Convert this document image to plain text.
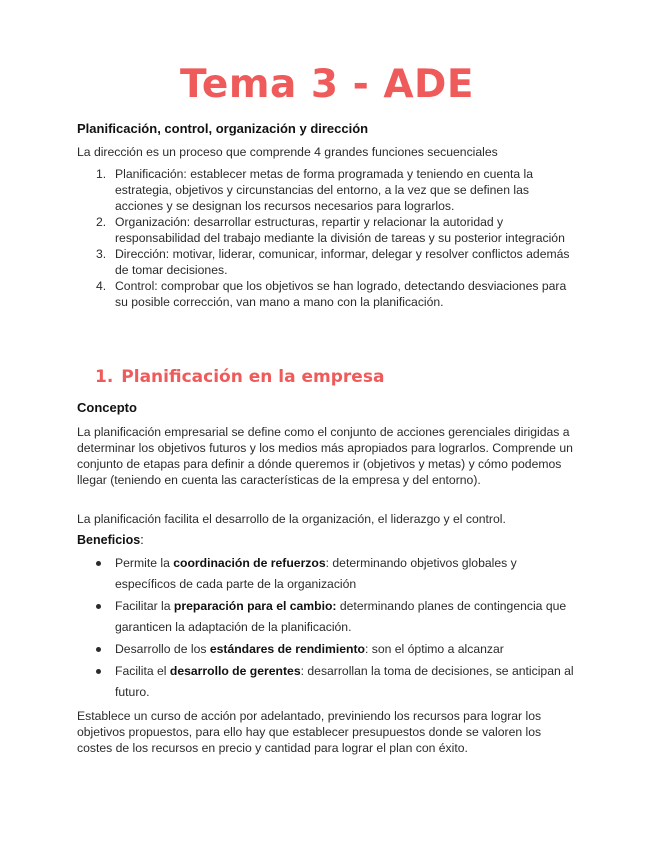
Tema 3 - ADE
Planificación, control, organización y dirección
La dirección es un proceso que comprende 4 grandes funciones secuenciales
1. Planificación: establecer metas de forma programada y teniendo en cuenta la estrategia, objetivos y circunstancias del entorno, a la vez que se definen las acciones y se designan los recursos necesarios para lograrlos.
2. Organización: desarrollar estructuras, repartir y relacionar la autoridad y responsabilidad del trabajo mediante la división de tareas y su posterior integración
3. Dirección: motivar, liderar, comunicar, informar, delegar y resolver conflictos además de tomar decisiones.
4. Control: comprobar que los objetivos se han logrado, detectando desviaciones para su posible corrección, van mano a mano con la planificación.
1. Planificación en la empresa
Concepto
La planificación empresarial se define como el conjunto de acciones gerenciales dirigidas a determinar los objetivos futuros y los medios más apropiados para lograrlos. Comprende un conjunto de etapas para definir a dónde queremos ir (objetivos y metas) y cómo podemos llegar (teniendo en cuenta las características de la empresa y del entorno).
La planificación facilita el desarrollo de la organización, el liderazgo y el control.
Beneficios:
Permite la coordinación de refuerzos: determinando objetivos globales y específicos de cada parte de la organización
Facilitar la preparación para el cambio: determinando planes de contingencia que garanticen la adaptación de la planificación.
Desarrollo de los estándares de rendimiento: son el óptimo a alcanzar
Facilita el desarrollo de gerentes: desarrollan la toma de decisiones, se anticipan al futuro.
Establece un curso de acción por adelantado, previniendo los recursos para lograr los objetivos propuestos, para ello hay que establecer presupuestos donde se valoren los costes de los recursos en precio y cantidad para lograr el plan con éxito.
